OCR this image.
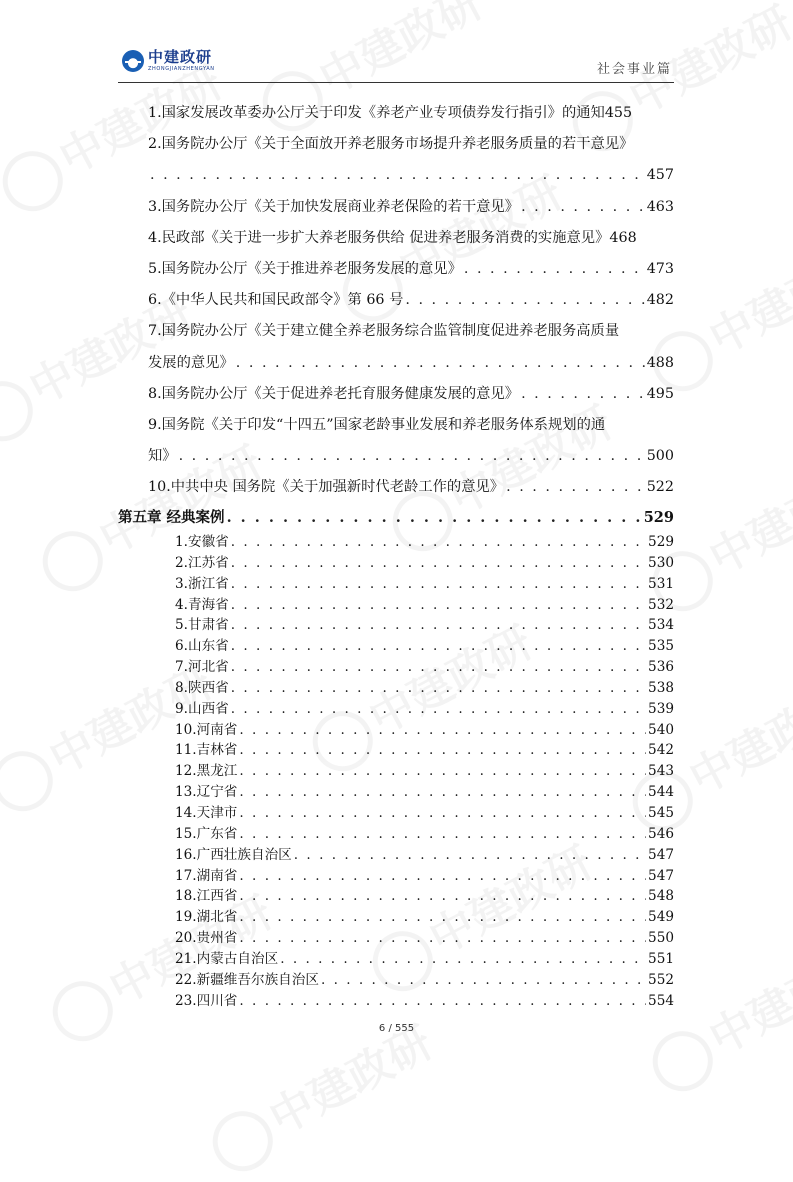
中建政研
ZHONGJIANZHENGYAN	社会事业篇
1.国家发展改革委办公厅关于印发《养老产业专项债券发行指引》的通知455
2.国务院办公厅《关于全面放开养老服务市场提升养老服务质量的若干意见》
. . .
457
3.国务院办公厅《关于加快发展商业养老保险的若干意见》 . . .	463
4.民政部《关于进一步扩大养老服务供给 促进养老服务消费的实施意见》468
5.国务院办公厅《关于推进养老服务发展的意见》 . . .	473
6.《中华人民共和国民政部令》第 66 号 . . .	482
7.国务院办公厅《关于建立健全养老服务综合监管制度促进养老服务高质量
发展的意见》 . . .	488
8.国务院办公厅《关于促进养老托育服务健康发展的意见》 . . .	495
9.国务院《关于印发“十四五”国家老龄事业发展和养老服务体系规划的通
知》 . . .	500
10.中共中央 国务院《关于加强新时代老龄工作的意见》 . . .	522
第五章 经典案例 . . .	529
1.安徽省 . . .	529
2.江苏省 . . .	530
3.浙江省 . . .	531
4.青海省 . . .	532
5.甘肃省 . . .	534
6.山东省 . . .	535
7.河北省 . . .	536
8.陕西省 . . .	538
9.山西省 . . .	539
10.河南省 . . .	540
11.吉林省 . . .	542
12.黑龙江 . . .	543
13.辽宁省 . . .	544
14.天津市 . . .	545
15.广东省 . . .	546
16.广西壮族自治区 . . .	547
17.湖南省 . . .	547
18.江西省 . . .	548
19.湖北省 . . .	549
20.贵州省 . . .	550
21.内蒙古自治区 . . .	551
22.新疆维吾尔族自治区 . . .	552
23.四川省 . . .	554
6 / 555
